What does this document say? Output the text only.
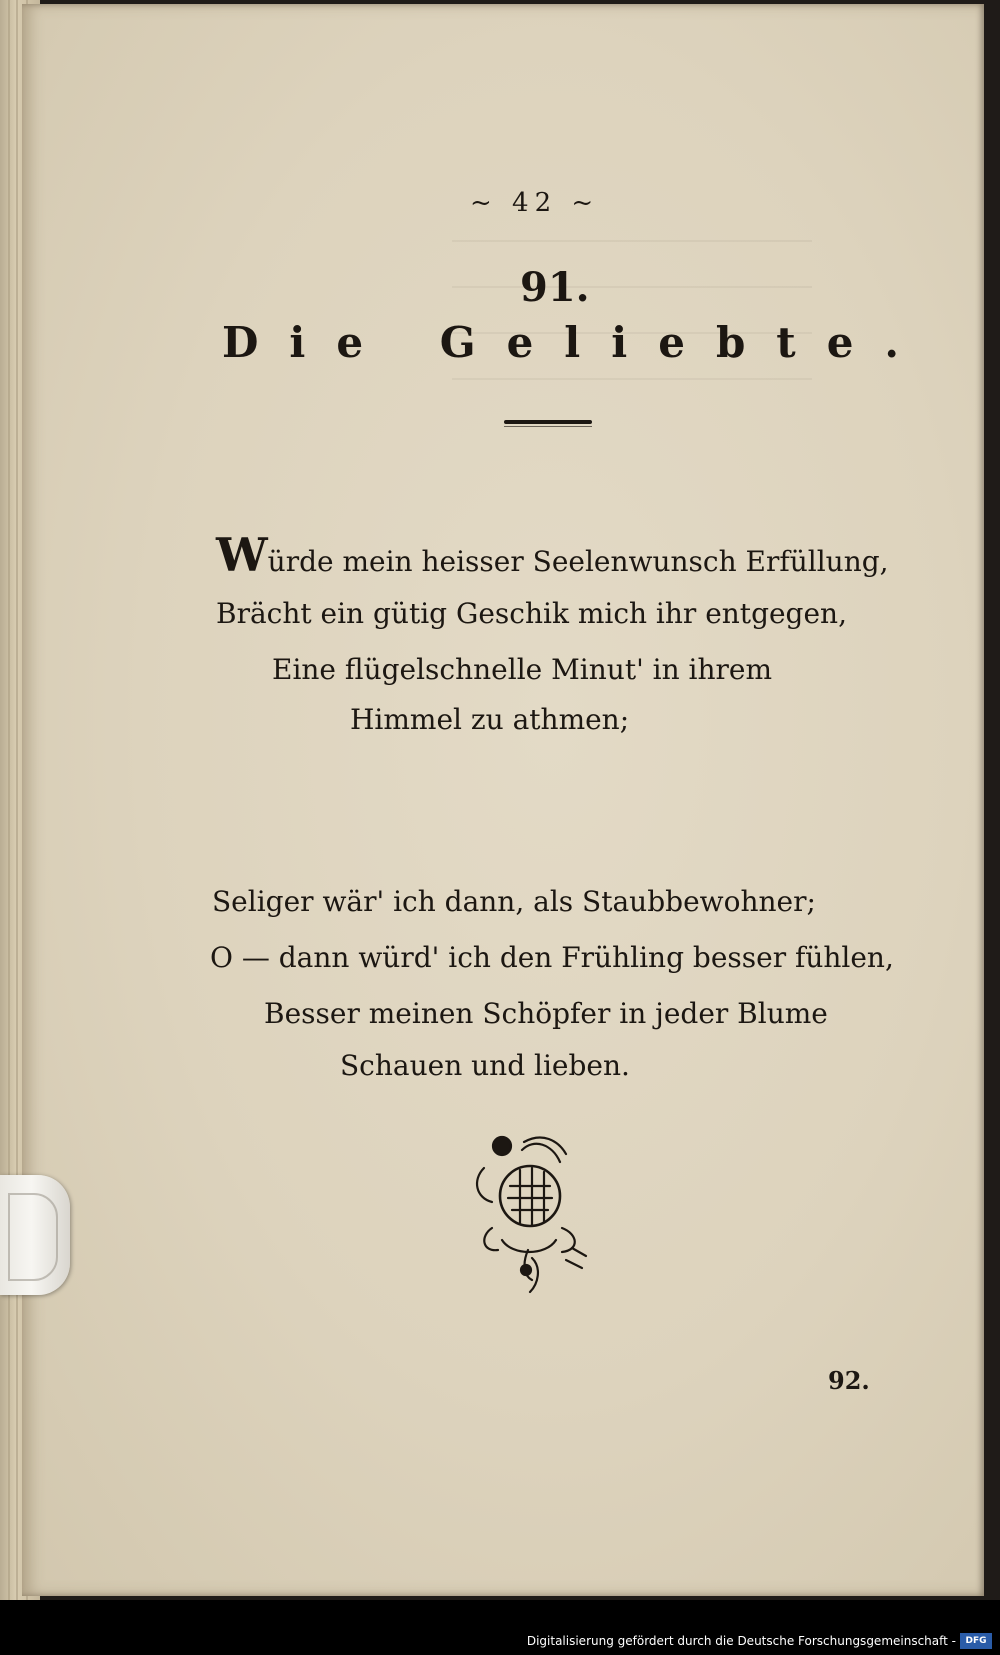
~ 42 ~
91.
Die Geliebte.
Würde mein heisser Seelenwunsch Erfüllung,
Brächt ein gütig Geschik mich ihr entgegen,
Eine flügelschnelle Minut' in ihrem
Himmel zu athmen;
Seliger wär' ich dann, als Staubbewohner;
O — dann würd' ich den Frühling besser fühlen,
Besser meinen Schöpfer in jeder Blume
Schauen und lieben.
92.
Digitalisierung gefördert durch die Deutsche Forschungsgemeinschaft -	DFG
